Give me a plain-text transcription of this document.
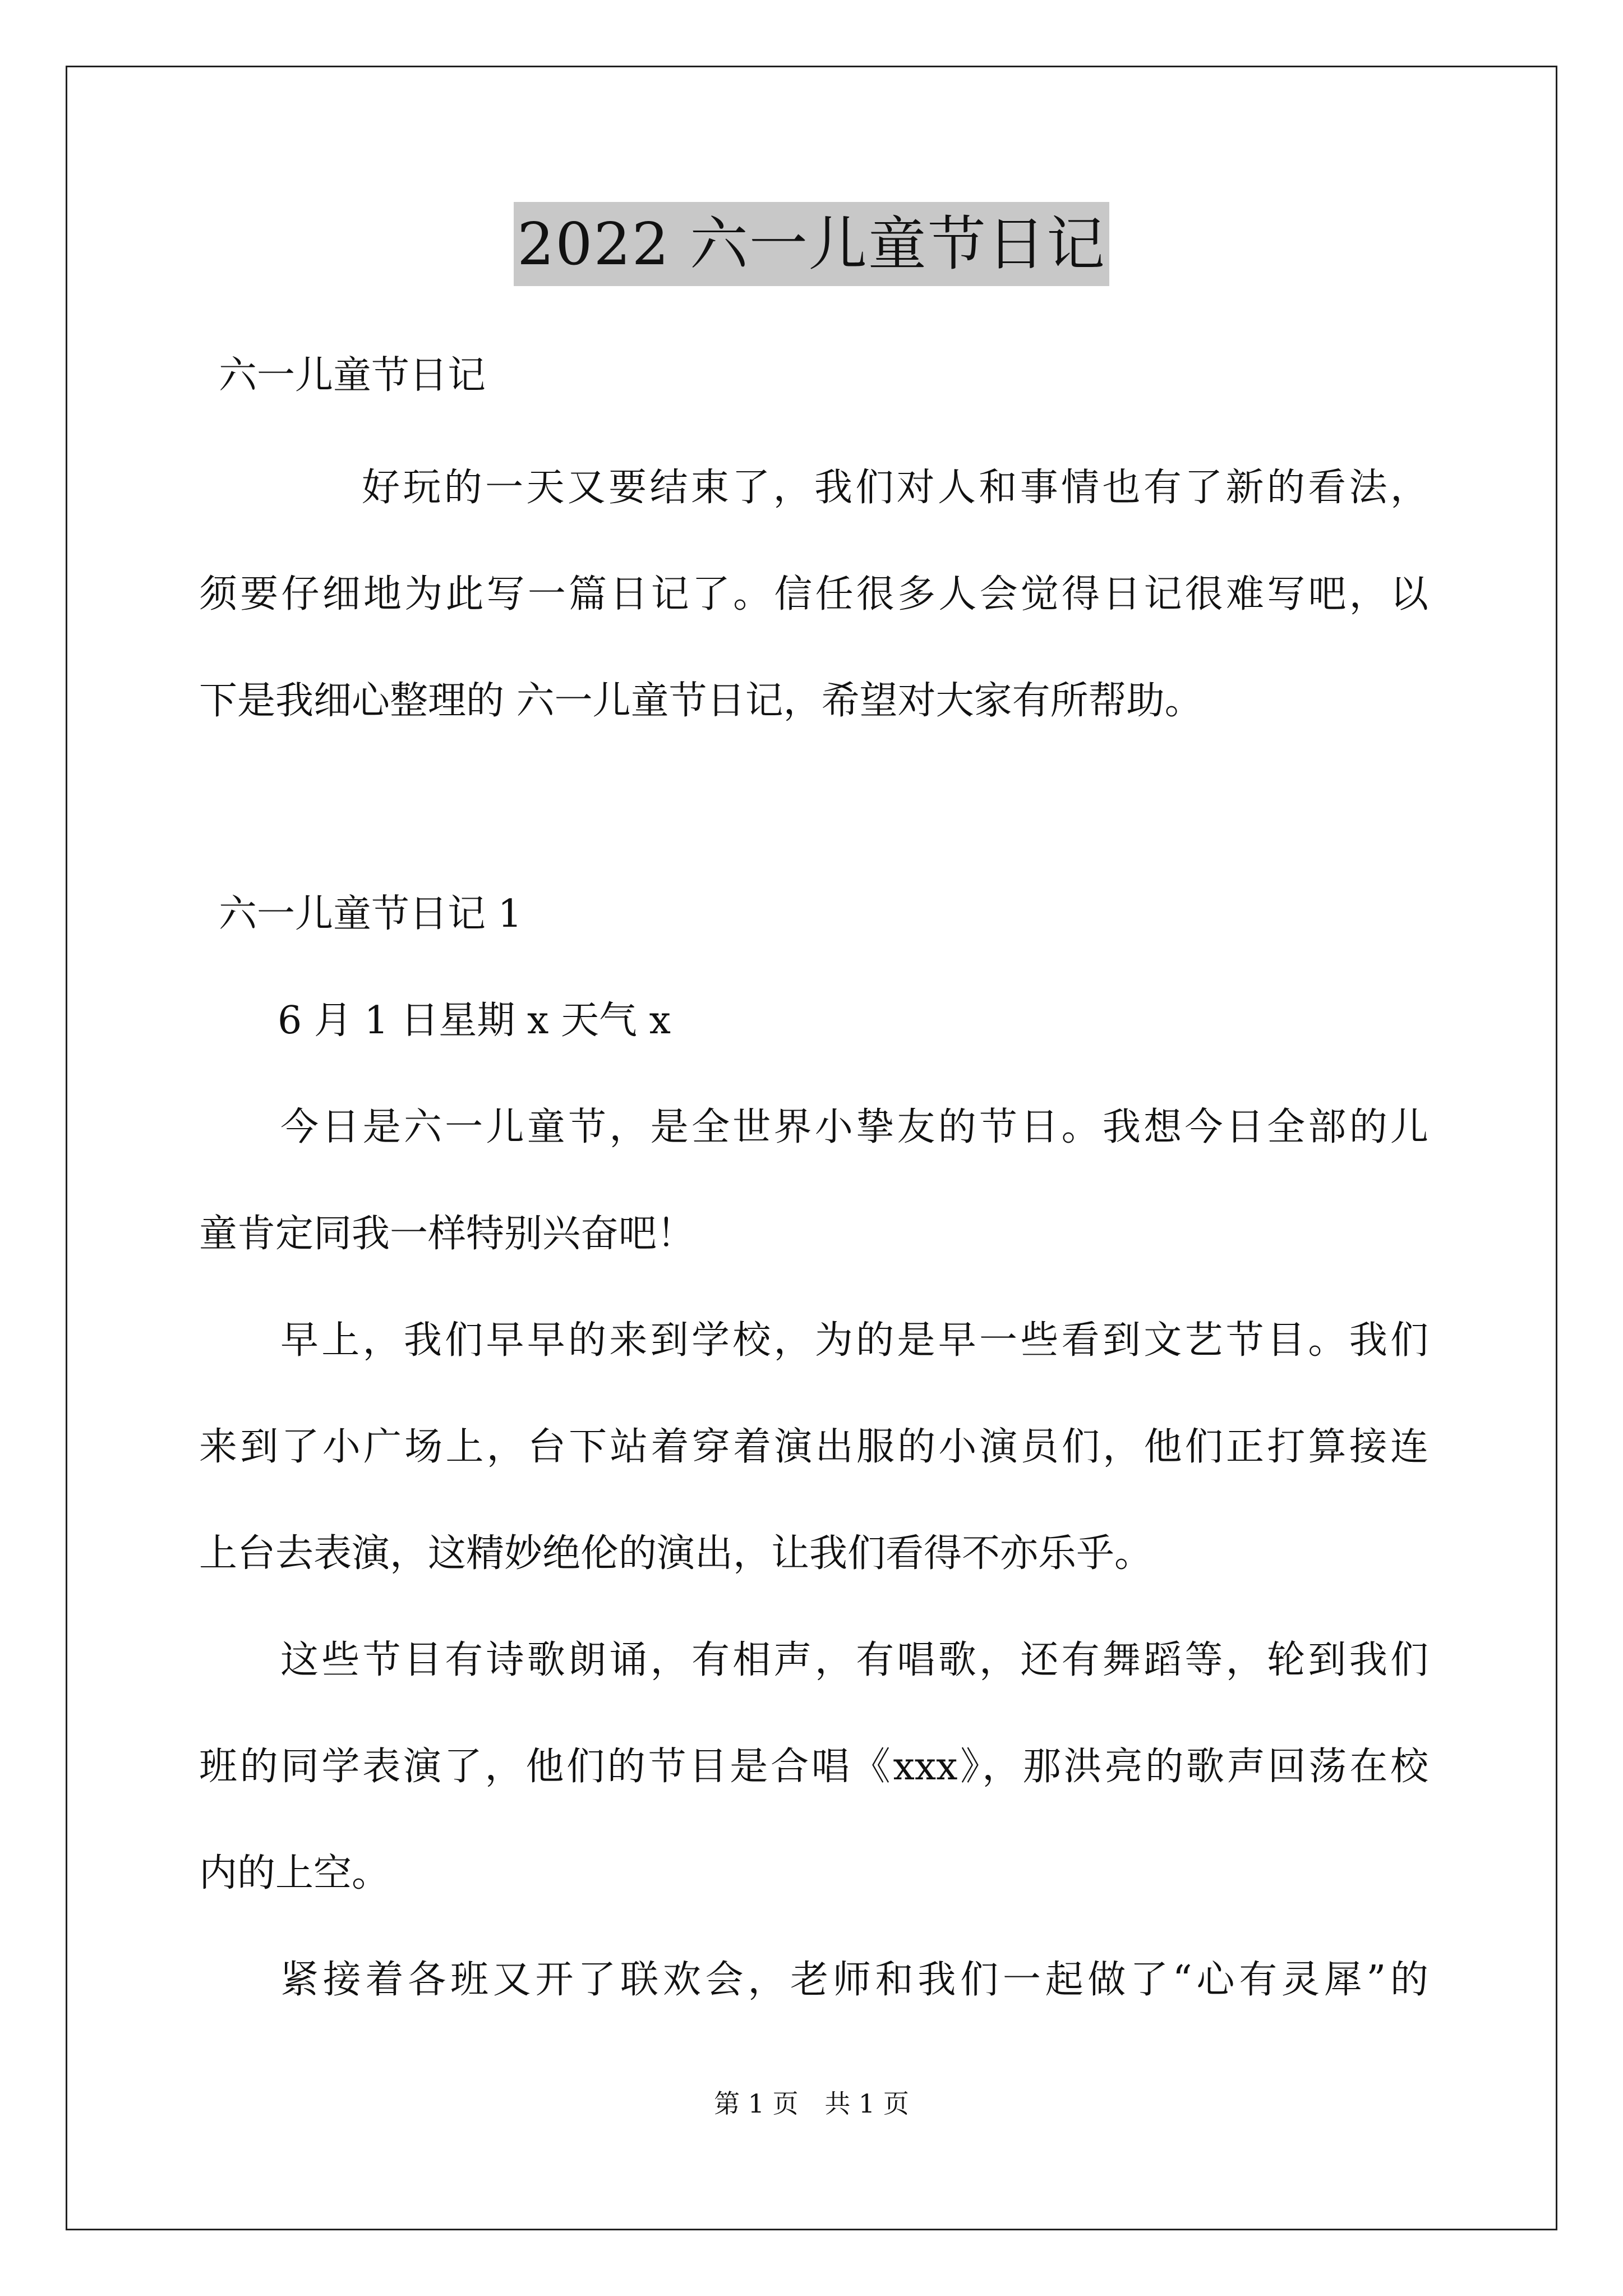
2022 六一儿童节日记
六一儿童节日记
好玩的一天又要结束了，我们对人和事情也有了新的看法，
须要仔细地为此写一篇日记了。信任很多人会觉得日记很难写吧，以
下是我细心整理的 六一儿童节日记，希望对大家有所帮助。
六一儿童节日记 1
6 月 1 日星期 x 天气 x
今日是六一儿童节，是全世界小挚友的节日。我想今日全部的儿
童肯定同我一样特别兴奋吧！
早上，我们早早的来到学校，为的是早一些看到文艺节目。我们
来到了小广场上，台下站着穿着演出服的小演员们，他们正打算接连
上台去表演，这精妙绝伦的演出，让我们看得不亦乐乎。
这些节目有诗歌朗诵，有相声，有唱歌，还有舞蹈等，轮到我们
班的同学表演了，他们的节目是合唱《xxx》，那洪亮的歌声回荡在校
内的上空。
紧接着各班又开了联欢会，老师和我们一起做了“心有灵犀”的
第 1 页 共 1 页
